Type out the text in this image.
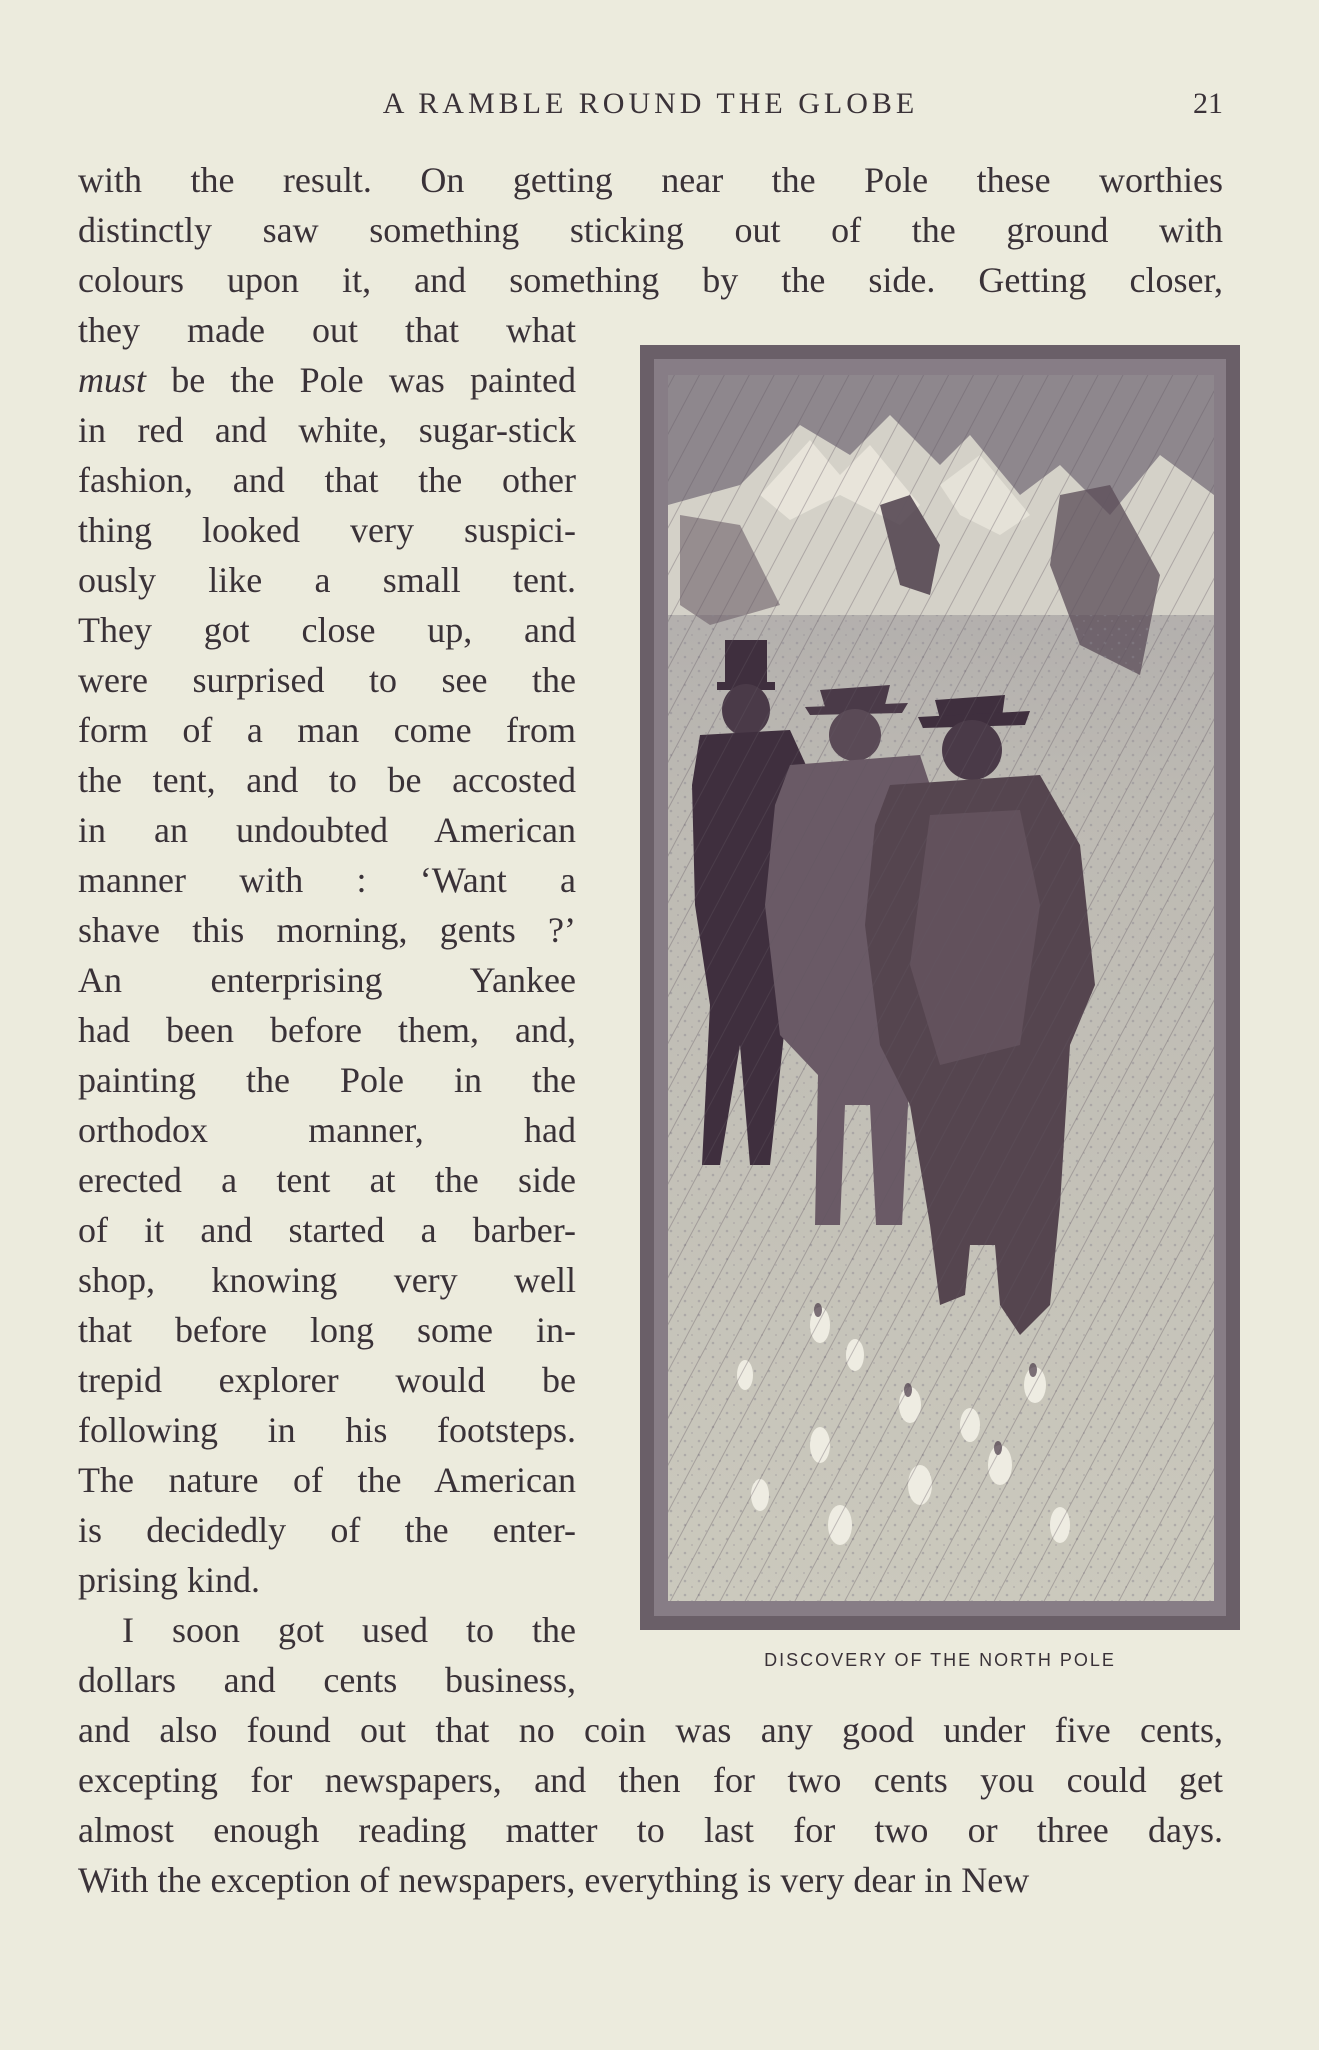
A RAMBLE ROUND THE GLOBE	21
with the result. On getting near the Pole these worthies
distinctly saw something sticking out of the ground with
colours upon it, and something by the side. Getting closer,
they made out that what
must be the Pole was painted
in red and white, sugar-stick
fashion, and that the other
thing looked very suspici-
ously like a small tent.
They got close up, and
were surprised to see the
form of a man come from
the tent, and to be accosted
in an undoubted American
manner with : ‘Want a
shave this morning, gents ?’
An enterprising Yankee
had been before them, and,
painting the Pole in the
orthodox manner, had
erected a tent at the side
of it and started a barber-
shop, knowing very well
that before long some in-
trepid explorer would be
following in his footsteps.
The nature of the American
is decidedly of the enter-
prising kind.
I soon got used to the
dollars and cents business,
and also found out that no coin was any good under five cents,
excepting for newspapers, and then for two cents you could get
almost enough reading matter to last for two or three days.
With the exception of newspapers, everything is very dear in New
DISCOVERY OF THE NORTH POLE
